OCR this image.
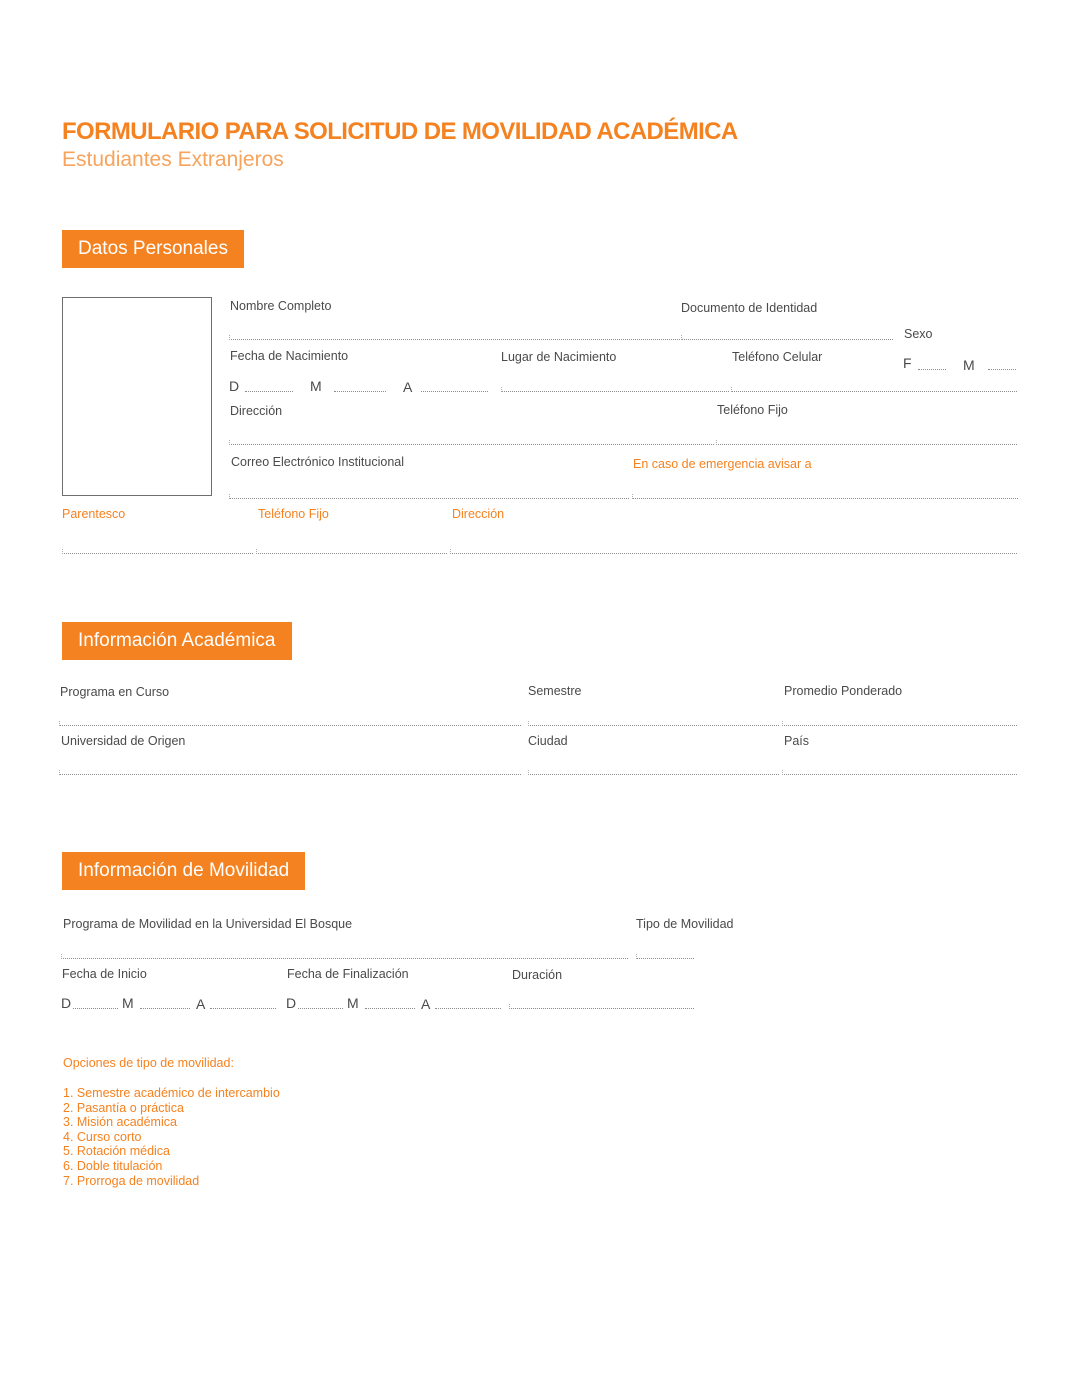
FORMULARIO PARA SOLICITUD DE MOVILIDAD ACADÉMICA
Estudiantes Extranjeros
Datos Personales
Nombre Completo	Documento de Identidad
Sexo
F	M
Fecha de Nacimiento	Lugar de Nacimiento	Teléfono Celular
D	M	A
Dirección	Teléfono Fijo
Correo Electrónico Institucional	En caso de emergencia avisar a
Parentesco	Teléfono Fijo	Dirección
Información Académica
Programa en Curso	Semestre	Promedio Ponderado
Universidad de Origen	Ciudad	País
Información de Movilidad
Programa de Movilidad en la Universidad El Bosque	Tipo de Movilidad
Fecha de Inicio	Fecha de Finalización	Duración
D	M	A	D	M	A
Opciones de tipo de movilidad:
1. Semestre académico de intercambio
2. Pasantía o práctica
3. Misión académica
4. Curso corto
5. Rotación médica
6. Doble titulación
7. Prorroga de movilidad
